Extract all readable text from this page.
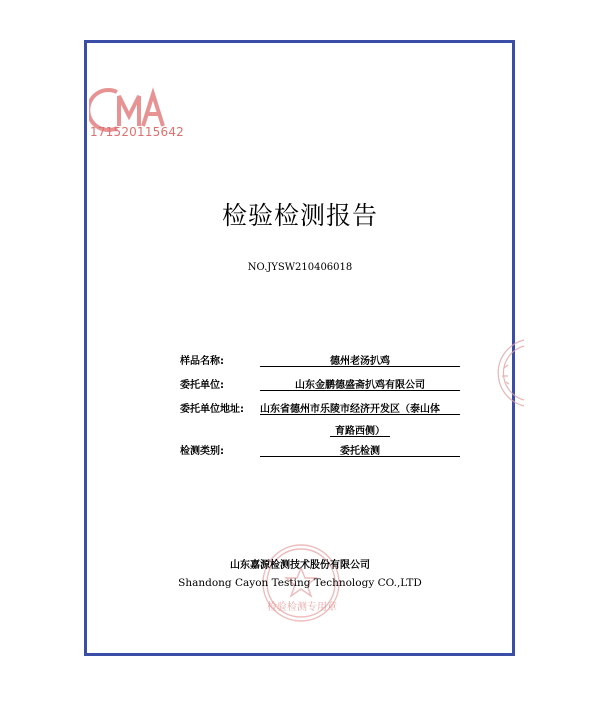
171520115642
检验检测报告
NO.JYSW210406018
样品名称:	德州老汤扒鸡
委托单位:	山东金鹏德盛斋扒鸡有限公司
委托单位地址: 山东省德州市乐陵市经济开发区（泰山体
育路西侧）
检测类别:	委托检测
检验检测专用章
山东嘉源检测技术股份有限公司
Shandong Cayon Testing Technology CO.,LTD
